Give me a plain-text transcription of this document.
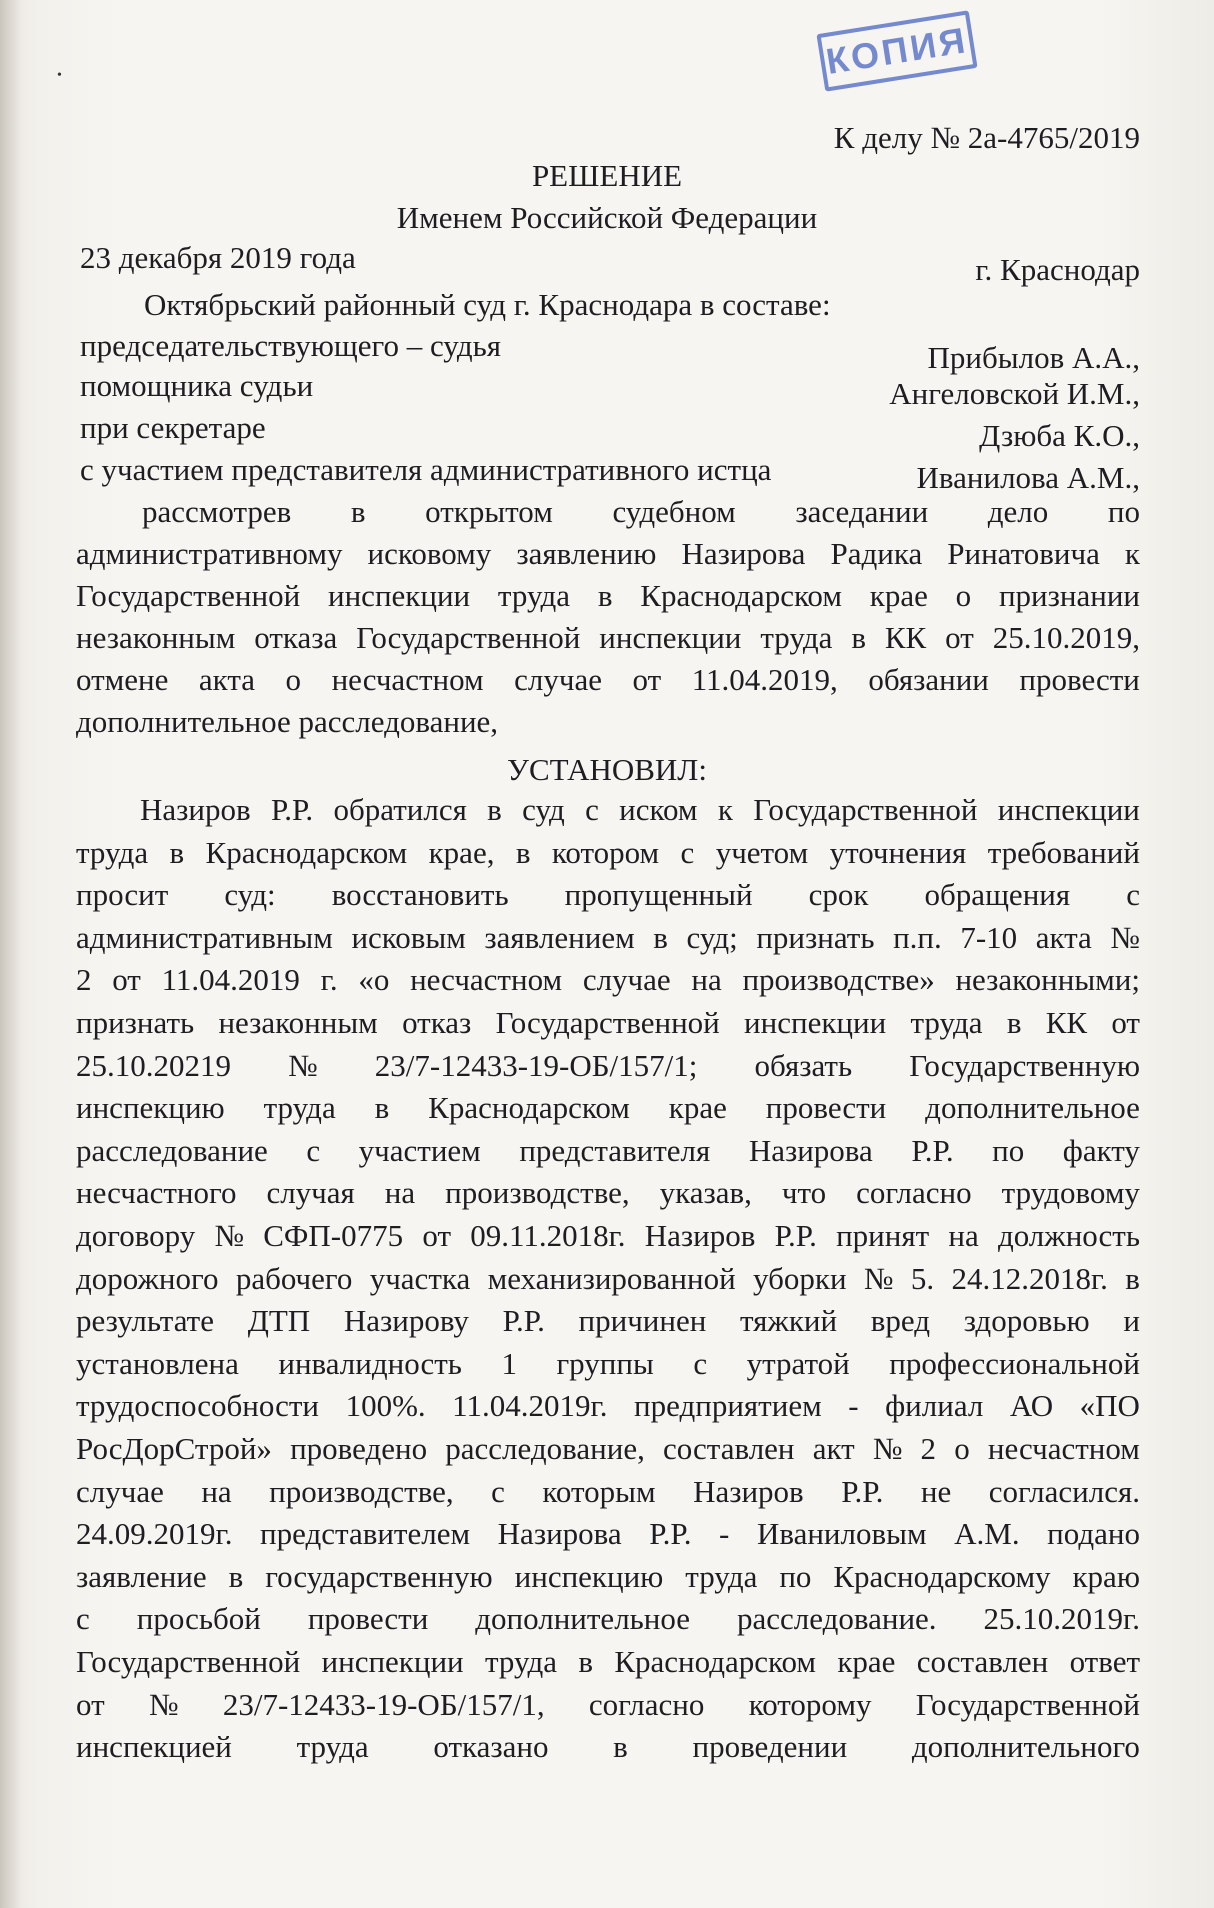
•	КОПИЯ
К делу № 2а-4765/2019
РЕШЕНИЕ
Именем Российской Федерации
23 декабря 2019 года	г. Краснодар
Октябрьский районный суд г. Краснодара в составе:
председательствующего – судья	Прибылов А.А.,
помощника судьи	Ангеловской И.М.,
при секретаре	Дзюба К.О.,
с участием представителя административного истца	Иванилова А.М.,
рассмотрев в открытом судебном заседании дело по
административному исковому заявлению Назирова Радика Ринатовича к
Государственной инспекции труда в Краснодарском крае о признании
незаконным отказа Государственной инспекции труда в КК от 25.10.2019,
отмене акта о несчастном случае от 11.04.2019, обязании провести
дополнительное расследование,
УСТАНОВИЛ:
Назиров Р.Р. обратился в суд с иском к Государственной инспекции
труда в Краснодарском крае, в котором с учетом уточнения требований
просит суд: восстановить пропущенный срок обращения с
административным исковым заявлением в суд; признать п.п. 7-10 акта №
2 от 11.04.2019 г. «о несчастном случае на производстве» незаконными;
признать незаконным отказ Государственной инспекции труда в КК от
25.10.20219 № 23/7-12433-19-ОБ/157/1; обязать Государственную
инспекцию труда в Краснодарском крае провести дополнительное
расследование с участием представителя Назирова Р.Р. по факту
несчастного случая на производстве, указав, что согласно трудовому
договору № СФП-0775 от 09.11.2018г. Назиров Р.Р. принят на должность
дорожного рабочего участка механизированной уборки № 5. 24.12.2018г. в
результате ДТП Назирову Р.Р. причинен тяжкий вред здоровью и
установлена инвалидность 1 группы с утратой профессиональной
трудоспособности 100%. 11.04.2019г. предприятием - филиал АО «ПО
РосДорСтрой» проведено расследование, составлен акт № 2 о несчастном
случае на производстве, с которым Назиров Р.Р. не согласился.
24.09.2019г. представителем Назирова Р.Р. - Иваниловым А.М. подано
заявление в государственную инспекцию труда по Краснодарскому краю
с просьбой провести дополнительное расследование. 25.10.2019г.
Государственной инспекции труда в Краснодарском крае составлен ответ
от № 23/7-12433-19-ОБ/157/1, согласно которому Государственной
инспекцией труда отказано в проведении дополнительного
